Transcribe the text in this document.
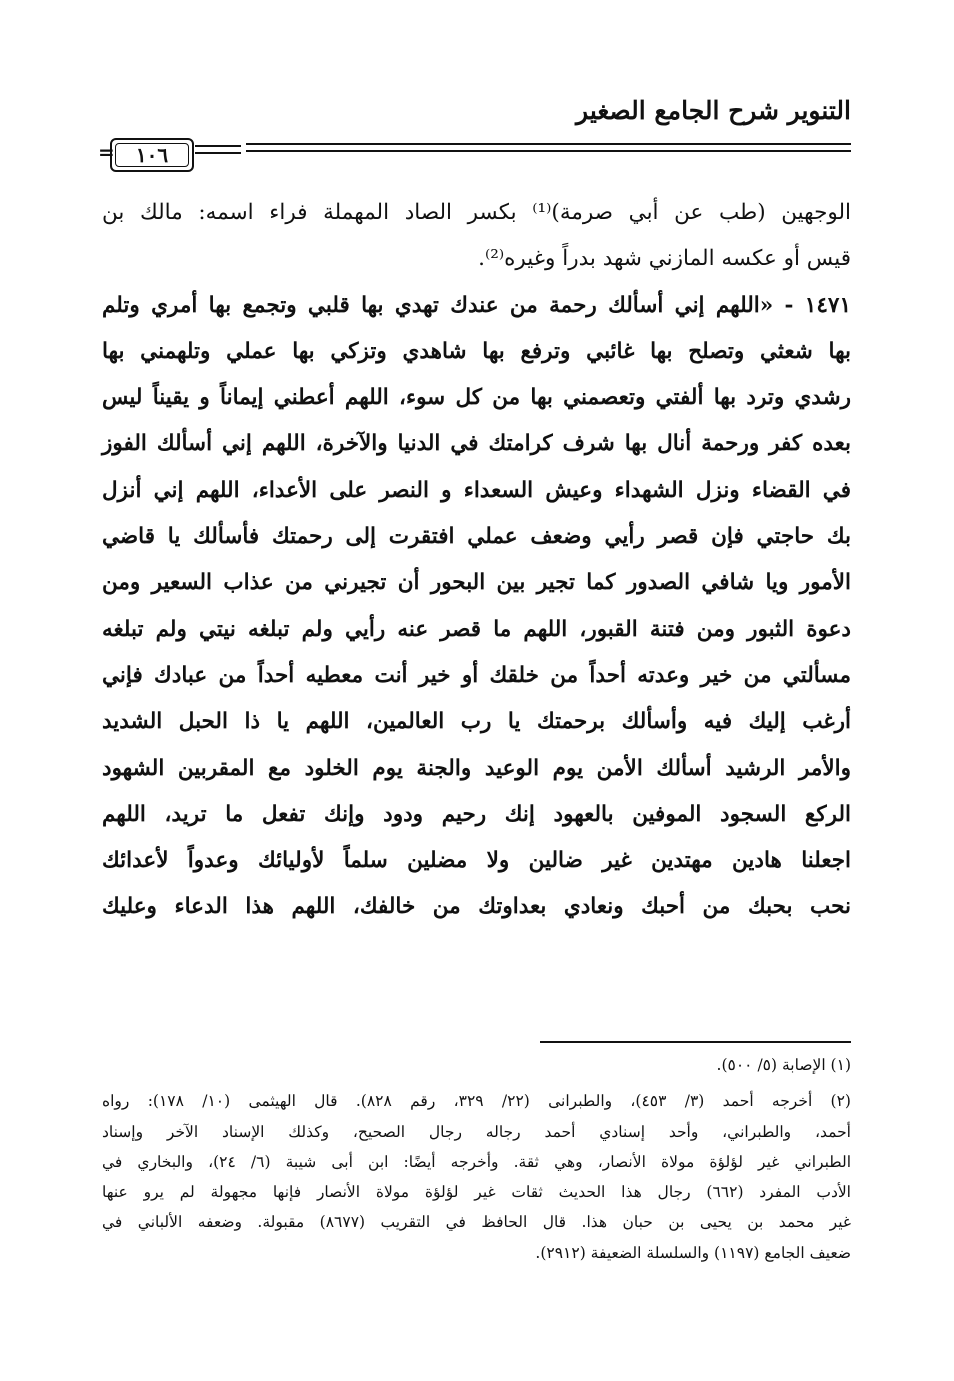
التنوير شرح الجامع الصغير
١٠٦
=
الوجهين (طب عن أبي صرمة)⁽¹⁾ بكسر الصاد المهملة فراء اسمه: مالك بن
قيس أو عكسه المازني شهد بدراً وغيره⁽²⁾.
١٤٧١ - «اللهم إني أسألك رحمة من عندك تهدي بها قلبي وتجمع بها أمري وتلم
بها شعثي وتصلح بها غائبي وترفع بها شاهدي وتزكي بها عملي وتلهمني بها
رشدي وترد بها ألفتي وتعصمني بها من كل سوء، اللهم أعطني إيماناً و يقيناً ليس
بعده كفر ورحمة أنال بها شرف كرامتك في الدنيا والآخرة، اللهم إني أسألك الفوز
في القضاء ونزل الشهداء وعيش السعداء و النصر على الأعداء، اللهم إني أنزل
بك حاجتي فإن قصر رأيي وضعف عملي افتقرت إلى رحمتك فأسألك يا قاضي
الأمور ويا شافي الصدور كما تجير بين البحور أن تجيرني من عذاب السعير ومن
دعوة الثبور ومن فتنة القبور، اللهم ما قصر عنه رأيي ولم تبلغه نيتي ولم تبلغه
مسألتي من خير وعدته أحداً من خلقك أو خير أنت معطيه أحداً من عبادك فإني
أرغب إليك فيه وأسألك برحمتك يا رب العالمين، اللهم يا ذا الحبل الشديد
والأمر الرشيد أسألك الأمن يوم الوعيد والجنة يوم الخلود مع المقربين الشهود
الركع السجود الموفين بالعهود إنك رحيم ودود وإنك تفعل ما تريد، اللهم
اجعلنا هادين مهتدين غير ضالين ولا مضلين سلماً لأوليائك وعدواً لأعدائك
نحب بحبك من أحبك ونعادي بعداوتك من خالفك، اللهم هذا الدعاء وعليك
(١) الإصابة (٥/ ٥٠٠).
(٢) أخرجه أحمد (٣/ ٤٥٣)، والطبرانى (٢٢/ ٣٢٩، رقم ٨٢٨). قال الهيثمى (١٠/ ١٧٨): رواه
أحمد، والطبراني، وأحد إسنادي أحمد رجاله رجال الصحيح، وكذلك الإسناد الآخر وإسناد
الطبراني غير لؤلؤة مولاة الأنصار، وهي ثقة. وأخرجه أيضًا: ابن أبى شيبة (٦/ ٢٤)، والبخاري في
الأدب المفرد (٦٦٢) رجال هذا الحديث ثقات غير لؤلؤة مولاة الأنصار فإنها مجهولة لم يرو عنها
غير محمد بن يحيى بن حبان هذا. قال الحافظ في التقريب (٨٦٧٧) مقبولة. وضعفه الألباني في
ضعيف الجامع (١١٩٧) والسلسلة الضعيفة (٢٩١٢).
